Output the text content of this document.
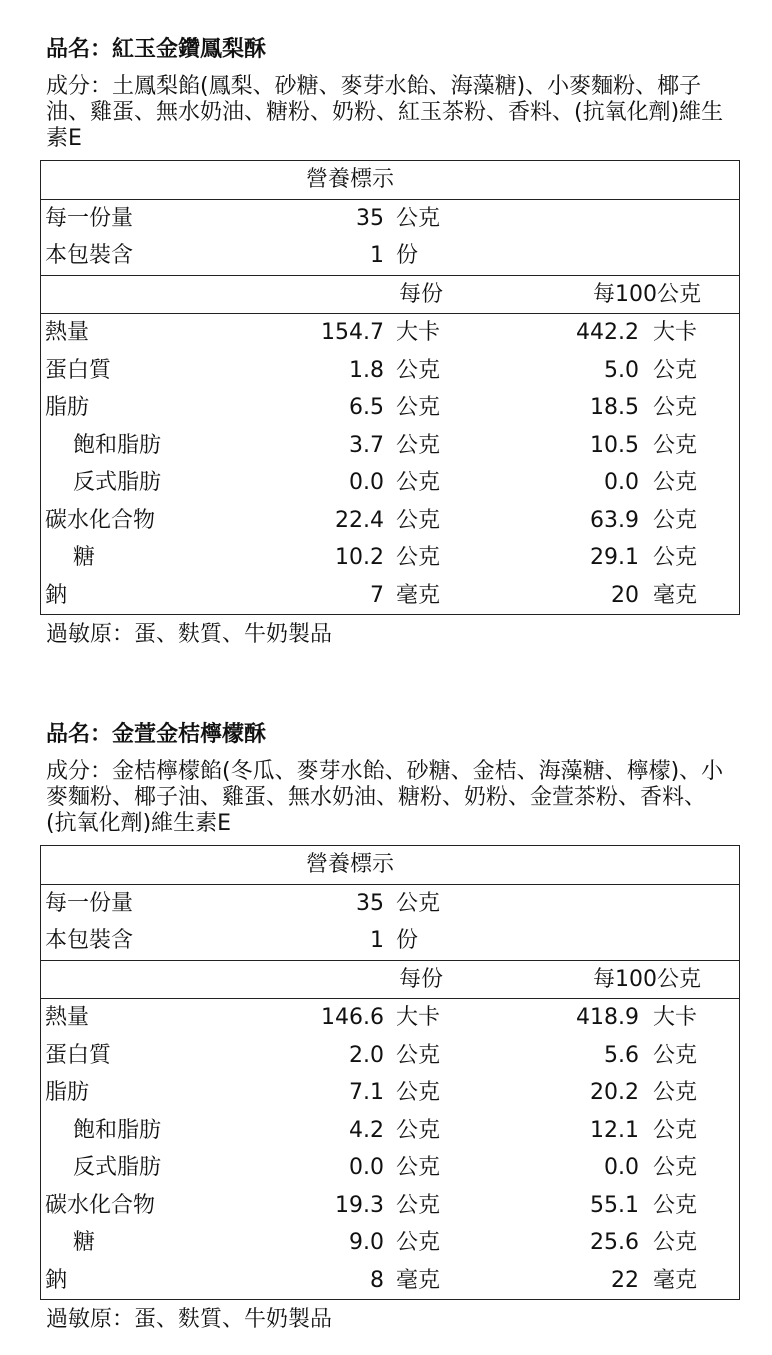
品名：紅玉金鑽鳳梨酥
成分：土鳳梨餡(鳳梨、砂糖、麥芽水飴、海藻糖)、小麥麵粉、椰子油、雞蛋、無水奶油、糖粉、奶粉、紅玉茶粉、香料、(抗氧化劑)維生素E
營養標示
每一份量	35 公克
本包裝含	1 份
每份	每100公克
熱量	154.7 大卡	442.2 大卡
蛋白質	1.8 公克	5.0 公克
脂肪	6.5 公克	18.5 公克
飽和脂肪	3.7 公克	10.5 公克
反式脂肪	0.0 公克	0.0 公克
碳水化合物	22.4 公克	63.9 公克
糖	10.2 公克	29.1 公克
鈉	7 毫克	20 毫克
過敏原：蛋、麩質、牛奶製品
品名：金萱金桔檸檬酥
成分：金桔檸檬餡(冬瓜、麥芽水飴、砂糖、金桔、海藻糖、檸檬)、小麥麵粉、椰子油、雞蛋、無水奶油、糖粉、奶粉、金萱茶粉、香料、(抗氧化劑)維生素E
營養標示
每一份量	35 公克
本包裝含	1 份
每份	每100公克
熱量	146.6 大卡	418.9 大卡
蛋白質	2.0 公克	5.6 公克
脂肪	7.1 公克	20.2 公克
飽和脂肪	4.2 公克	12.1 公克
反式脂肪	0.0 公克	0.0 公克
碳水化合物	19.3 公克	55.1 公克
糖	9.0 公克	25.6 公克
鈉	8 毫克	22 毫克
過敏原：蛋、麩質、牛奶製品
